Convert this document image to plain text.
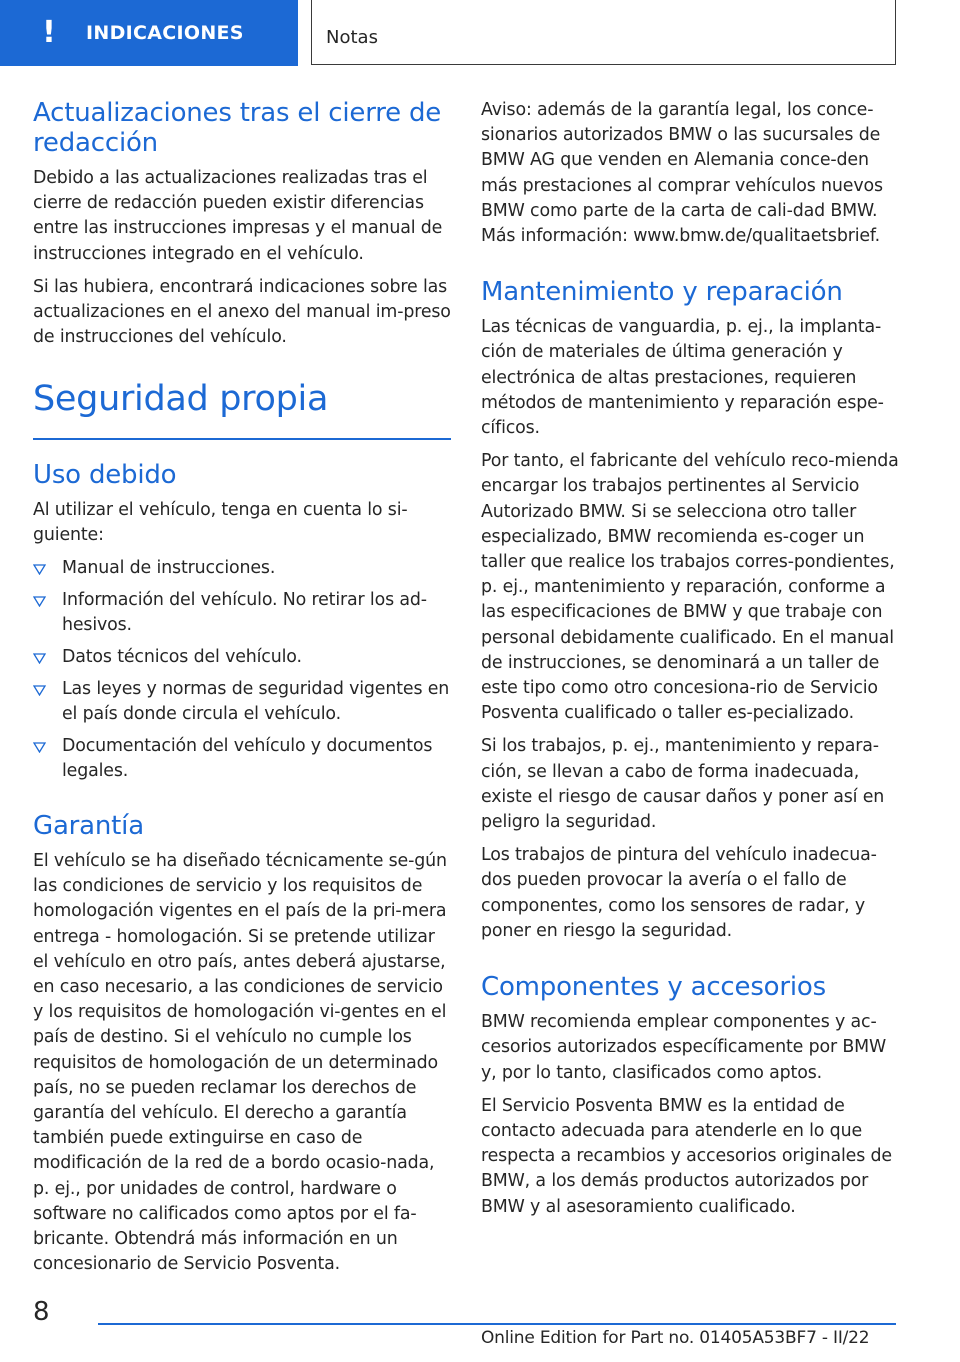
! INDICACIONES	Notas
Actualizaciones tras el cierre de redacción

Debido a las actualizaciones realizadas tras el cierre de redacción pueden existir diferencias entre las instrucciones impresas y el manual de instrucciones integrado en el vehículo.

Si las hubiera, encontrará indicaciones sobre las actualizaciones en el anexo del manual im‐preso de instrucciones del vehículo.

Seguridad propia
Uso debido

Al utilizar el vehículo, tenga en cuenta lo si‐guiente:

Manual de instrucciones.
Información del vehículo. No retirar los ad‐hesivos.
Datos técnicos del vehículo.
Las leyes y normas de seguridad vigentes en el país donde circula el vehículo.
Documentación del vehículo y documentos legales.
Garantía

El vehículo se ha diseñado técnicamente se‐gún las condiciones de servicio y los requisitos de homologación vigentes en el país de la pri‐mera entrega - homologación. Si se pretende utilizar el vehículo en otro país, antes deberá ajustarse, en caso necesario, a las condiciones de servicio y los requisitos de homologación vi‐gentes en el país de destino. Si el vehículo no cumple los requisitos de homologación de un determinado país, no se pueden reclamar los derechos de garantía del vehículo. El derecho a garantía también puede extinguirse en caso de modificación de la red de a bordo ocasio‐nada, p. ej., por unidades de control, hardware o software no calificados como aptos por el fa‐bricante. Obtendrá más información en un concesionario de Servicio Posventa.

Aviso: además de la garantía legal, los conce‐sionarios autorizados BMW o las sucursales de BMW AG que venden en Alemania conce‐den más prestaciones al comprar vehículos nuevos BMW como parte de la carta de cali‐dad BMW. Más información: www.bmw.de/qualitaetsbrief.

Mantenimiento y reparación

Las técnicas de vanguardia, p. ej., la implanta‐ción de materiales de última generación y electrónica de altas prestaciones, requieren métodos de mantenimiento y reparación espe‐cíficos.

Por tanto, el fabricante del vehículo reco‐mienda encargar los trabajos pertinentes al Servicio Autorizado BMW. Si se selecciona otro taller especializado, BMW recomienda es‐coger un taller que realice los trabajos corres‐pondientes, p. ej., mantenimiento y reparación, conforme a las especificaciones de BMW y que trabaje con personal debidamente cualificado. En el manual de instrucciones, se denominará a un taller de este tipo como otro concesiona‐rio de Servicio Posventa cualificado o taller es‐pecializado.

Si los trabajos, p. ej., mantenimiento y repara‐ción, se llevan a cabo de forma inadecuada, existe el riesgo de causar daños y poner así en peligro la seguridad.

Los trabajos de pintura del vehículo inadecua‐dos pueden provocar la avería o el fallo de componentes, como los sensores de radar, y poner en riesgo la seguridad.

Componentes y accesorios

BMW recomienda emplear componentes y ac‐cesorios autorizados específicamente por BMW y, por lo tanto, clasificados como aptos.

El Servicio Posventa BMW es la entidad de contacto adecuada para atenderle en lo que respecta a recambios y accesorios originales de BMW, a los demás productos autorizados por BMW y al asesoramiento cualificado.

8
Online Edition for Part no. 01405A53BF7 - II/22
